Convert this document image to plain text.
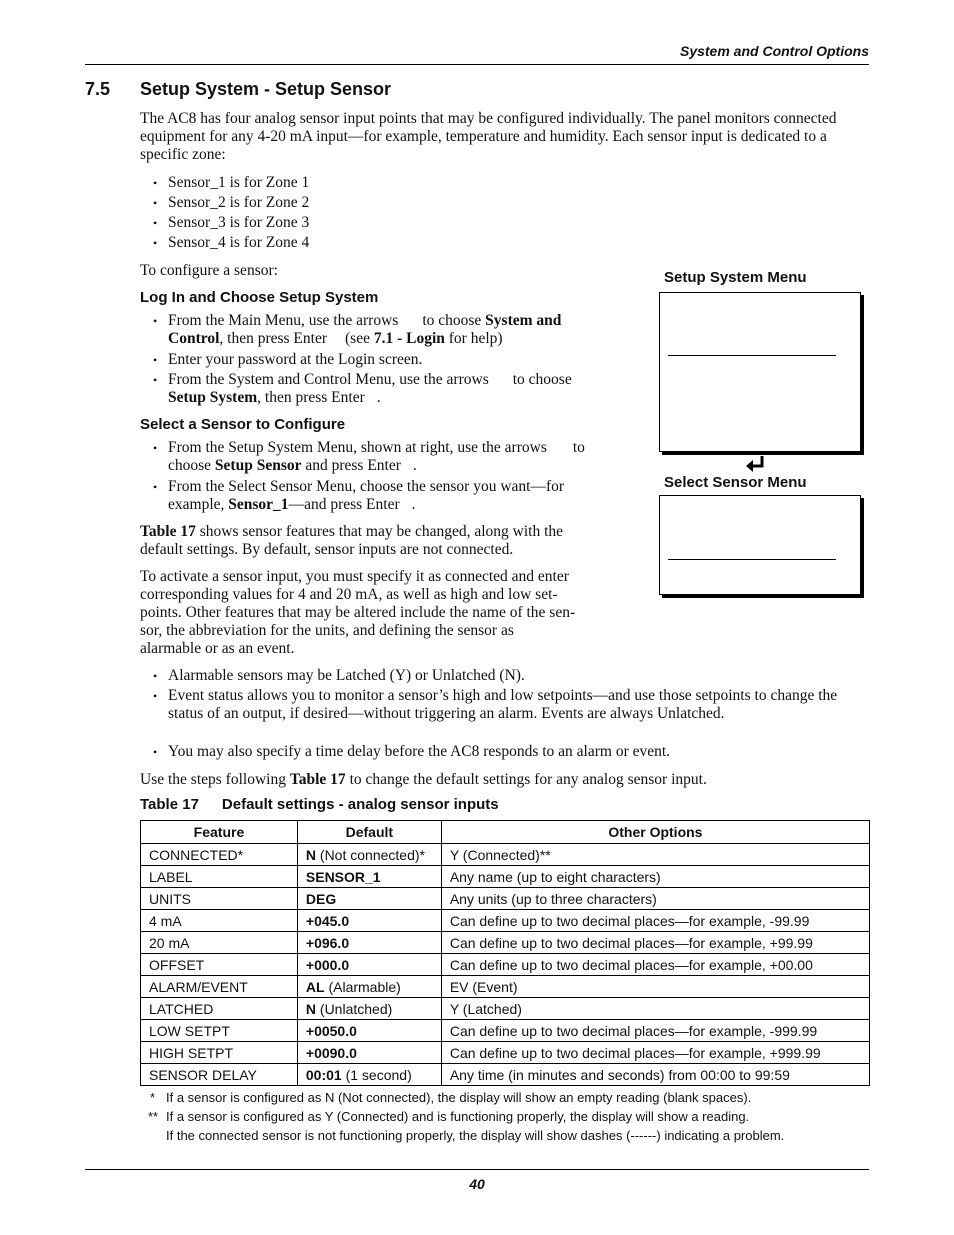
System and Control Options
7.5 Setup System - Setup Sensor
The AC8 has four analog sensor input points that may be configured individually. The panel monitors connected equipment for any 4-20 mA input—for example, temperature and humidity. Each sensor input is dedicated to a specific zone:
• Sensor_1 is for Zone 1
• Sensor_2 is for Zone 2
• Sensor_3 is for Zone 3
• Sensor_4 is for Zone 4
To configure a sensor:
Log In and Choose Setup System
• From the Main Menu, use the arrows to choose System and
Control, then press Enter (see 7.1 - Login for help)
• Enter your password at the Login screen.
• From the System and Control Menu, use the arrows to choose
Setup System, then press Enter .
Select a Sensor to Configure
• From the Setup System Menu, shown at right, use the arrows to
choose Setup Sensor and press Enter .
• From the Select Sensor Menu, choose the sensor you want—for
example, Sensor_1—and press Enter .
Table 17 shows sensor features that may be changed, along with the
default settings. By default, sensor inputs are not connected.
To activate a sensor input, you must specify it as connected and enter
corresponding values for 4 and 20 mA, as well as high and low set-
points. Other features that may be altered include the name of the sen-
sor, the abbreviation for the units, and defining the sensor as
alarmable or as an event.
• Alarmable sensors may be Latched (Y) or Unlatched (N).
• Event status allows you to monitor a sensor’s high and low setpoints—and use those setpoints to change the status of an output, if desired—without triggering an alarm. Events are always Unlatched.
• You may also specify a time delay before the AC8 responds to an alarm or event.
Use the steps following Table 17 to change the default settings for any analog sensor input.
Setup System Menu
Select Sensor Menu
Table 17 Default settings - analog sensor inputs
Feature	Default	Other Options
CONNECTED*	N (Not connected)*	Y (Connected)**
LABEL	SENSOR_1	Any name (up to eight characters)
UNITS	DEG	Any units (up to three characters)
4 mA	+045.0	Can define up to two decimal places—for example, -99.99
20 mA	+096.0	Can define up to two decimal places—for example, +99.99
OFFSET	+000.0	Can define up to two decimal places—for example, +00.00
ALARM/EVENT	AL (Alarmable)	EV (Event)
LATCHED	N (Unlatched)	Y (Latched)
LOW SETPT	+0050.0	Can define up to two decimal places—for example, -999.99
HIGH SETPT	+0090.0	Can define up to two decimal places—for example, +999.99
SENSOR DELAY	00:01 (1 second)	Any time (in minutes and seconds) from 00:00 to 99:59
* If a sensor is configured as N (Not connected), the display will show an empty reading (blank spaces).
** If a sensor is configured as Y (Connected) and is functioning properly, the display will show a reading.
If the connected sensor is not functioning properly, the display will show dashes (------) indicating a problem.
40
